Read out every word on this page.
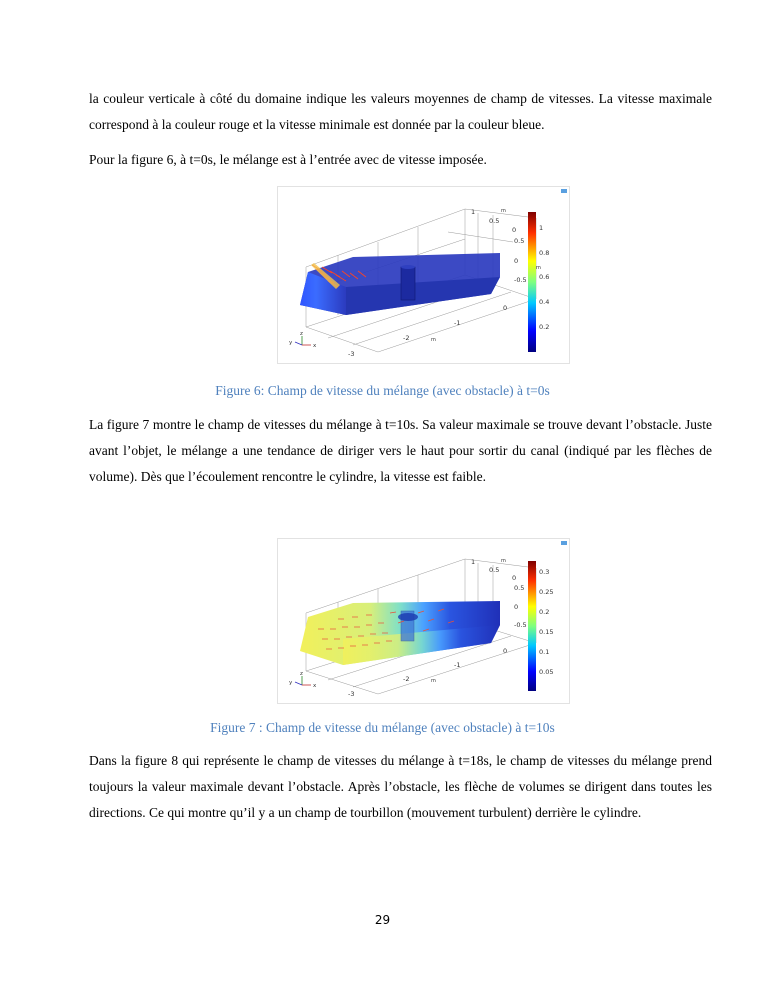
la couleur verticale à côté du domaine indique les valeurs moyennes de champ de vitesses. La vitesse maximale correspond à la couleur rouge et la vitesse minimale est donnée par la couleur bleue.

Pour la figure 6, à t=0s, le mélange est à l’entrée avec de vitesse imposée.

1
0.8
0.6
0.4
0.2
1	m
0.5
0
0.5
0
m
-0.5
0
-1
-2	m
-3
z
y	x

Figure 6: Champ de vitesse du mélange (avec obstacle) à t=0s

La figure 7 montre le champ de vitesses du mélange à t=10s. Sa valeur maximale se trouve devant l’obstacle. Juste avant l’objet, le mélange a une tendance de diriger vers le haut pour sortir du canal (indiqué par les flèches de volume). Dès que l’écoulement rencontre le cylindre, la vitesse est faible.

0.3
0.25
0.2
0.15
0.1
0.05
1	m
0.5
0
0.5
0
-0.5
0
-1
-2	m
-3
z
y	x

Figure 7 : Champ de vitesse du mélange (avec obstacle) à t=10s

Dans la figure 8 qui représente le champ de vitesses du mélange à t=18s, le champ de vitesses du mélange prend toujours la valeur maximale devant l’obstacle. Après l’obstacle, les flèche de volumes se dirigent dans toutes les directions. Ce qui montre qu’il y a un champ de tourbillon (mouvement turbulent) derrière le cylindre.

29
